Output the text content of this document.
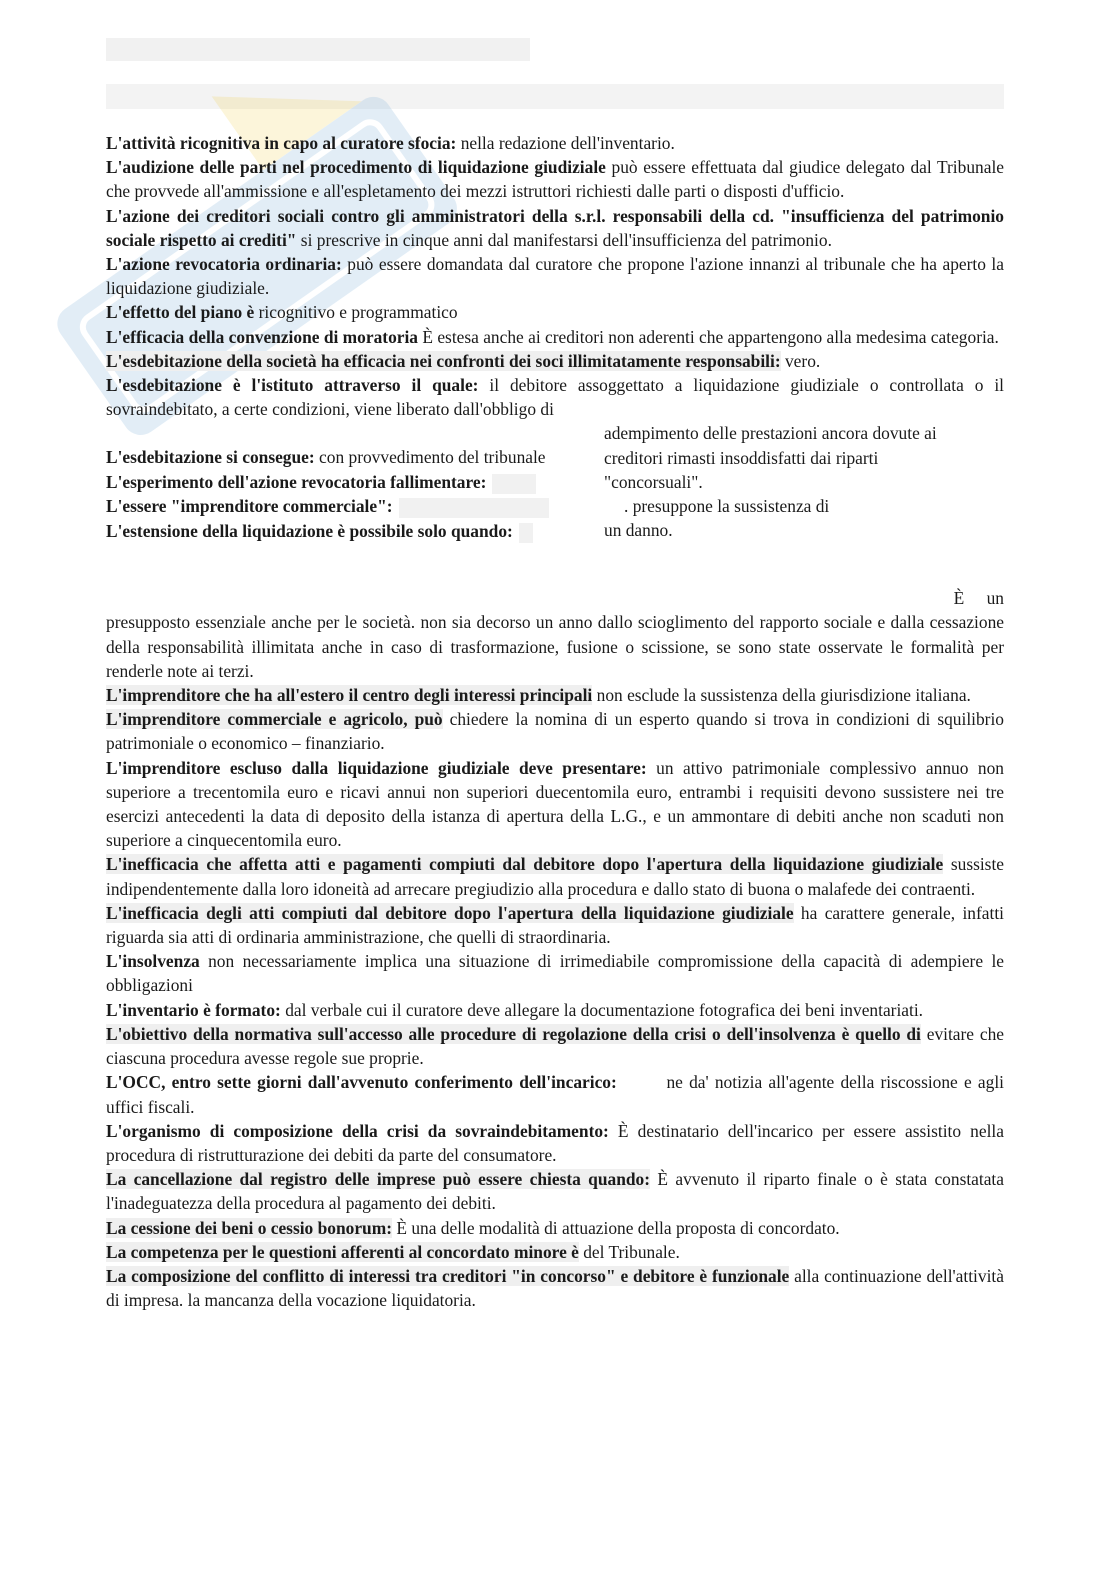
L'attività ricognitiva in capo al curatore sfocia: nella redazione dell'inventario.

L'audizione delle parti nel procedimento di liquidazione giudiziale può essere effettuata dal giudice delegato dal Tribunale che provvede all'ammissione e all'espletamento dei mezzi istruttori richiesti dalle parti o disposti d'ufficio.

L'azione dei creditori sociali contro gli amministratori della s.r.l. responsabili della cd. "insufficienza del patrimonio sociale rispetto ai crediti" si prescrive in cinque anni dal manifestarsi dell'insufficienza del patrimonio.

L'azione revocatoria ordinaria: può essere domandata dal curatore che propone l'azione innanzi al tribunale che ha aperto la liquidazione giudiziale.

L'effetto del piano è ricognitivo e programmatico

L'efficacia della convenzione di moratoria È estesa anche ai creditori non aderenti che appartengono alla medesima categoria.

L'esdebitazione della società ha efficacia nei confronti dei soci illimitatamente responsabili: vero.

L'esdebitazione è l'istituto attraverso il quale: il debitore assoggettato a liquidazione giudiziale o controllata o il sovraindebitato, a certe condizioni, viene liberato dall'obbligo di

L'esdebitazione si consegue: con provvedimento del tribunale
L'esperimento dell'azione revocatoria fallimentare:
L'essere "imprenditore commerciale":
L'estensione della liquidazione è possibile solo quando:
adempimento delle prestazioni ancora dovute ai
creditori rimasti insoddisfatti dai riparti
"concorsuali".
. presuppone la sussistenza di
un danno.
È un

presupposto essenziale anche per le società. non sia decorso un anno dallo scioglimento del rapporto sociale e dalla cessazione della responsabilità illimitata anche in caso di trasformazione, fusione o scissione, se sono state osservate le formalità per renderle note ai terzi.

L'imprenditore che ha all'estero il centro degli interessi principali non esclude la sussistenza della giurisdizione italiana.

L'imprenditore commerciale e agricolo, può chiedere la nomina di un esperto quando si trova in condizioni di squilibrio patrimoniale o economico – finanziario.

L'imprenditore escluso dalla liquidazione giudiziale deve presentare: un attivo patrimoniale complessivo annuo non superiore a trecentomila euro e ricavi annui non superiori duecentomila euro, entrambi i requisiti devono sussistere nei tre esercizi antecedenti la data di deposito della istanza di apertura della L.G., e un ammontare di debiti anche non scaduti non superiore a cinquecentomila euro.

L'inefficacia che affetta atti e pagamenti compiuti dal debitore dopo l'apertura della liquidazione giudiziale sussiste indipendentemente dalla loro idoneità ad arrecare pregiudizio alla procedura e dallo stato di buona o malafede dei contraenti.

L'inefficacia degli atti compiuti dal debitore dopo l'apertura della liquidazione giudiziale ha carattere generale, infatti riguarda sia atti di ordinaria amministrazione, che quelli di straordinaria.

L'insolvenza non necessariamente implica una situazione di irrimediabile compromissione della capacità di adempiere le obbligazioni

L'inventario è formato: dal verbale cui il curatore deve allegare la documentazione fotografica dei beni inventariati.

L'obiettivo della normativa sull'accesso alle procedure di regolazione della crisi o dell'insolvenza è quello di evitare che ciascuna procedura avesse regole sue proprie.

L'OCC, entro sette giorni dall'avvenuto conferimento dell'incarico:        ne da' notizia all'agente della riscossione e agli uffici fiscali.

L'organismo di composizione della crisi da sovraindebitamento: È destinatario dell'incarico per essere assistito nella procedura di ristrutturazione dei debiti da parte del consumatore.

La cancellazione dal registro delle imprese può essere chiesta quando: È avvenuto il riparto finale o è stata constatata l'inadeguatezza della procedura al pagamento dei debiti.

La cessione dei beni o cessio bonorum: È una delle modalità di attuazione della proposta di concordato.

La competenza per le questioni afferenti al concordato minore è del Tribunale.

La composizione del conflitto di interessi tra creditori "in concorso" e debitore è funzionale alla continuazione dell'attività di impresa. la mancanza della vocazione liquidatoria.
